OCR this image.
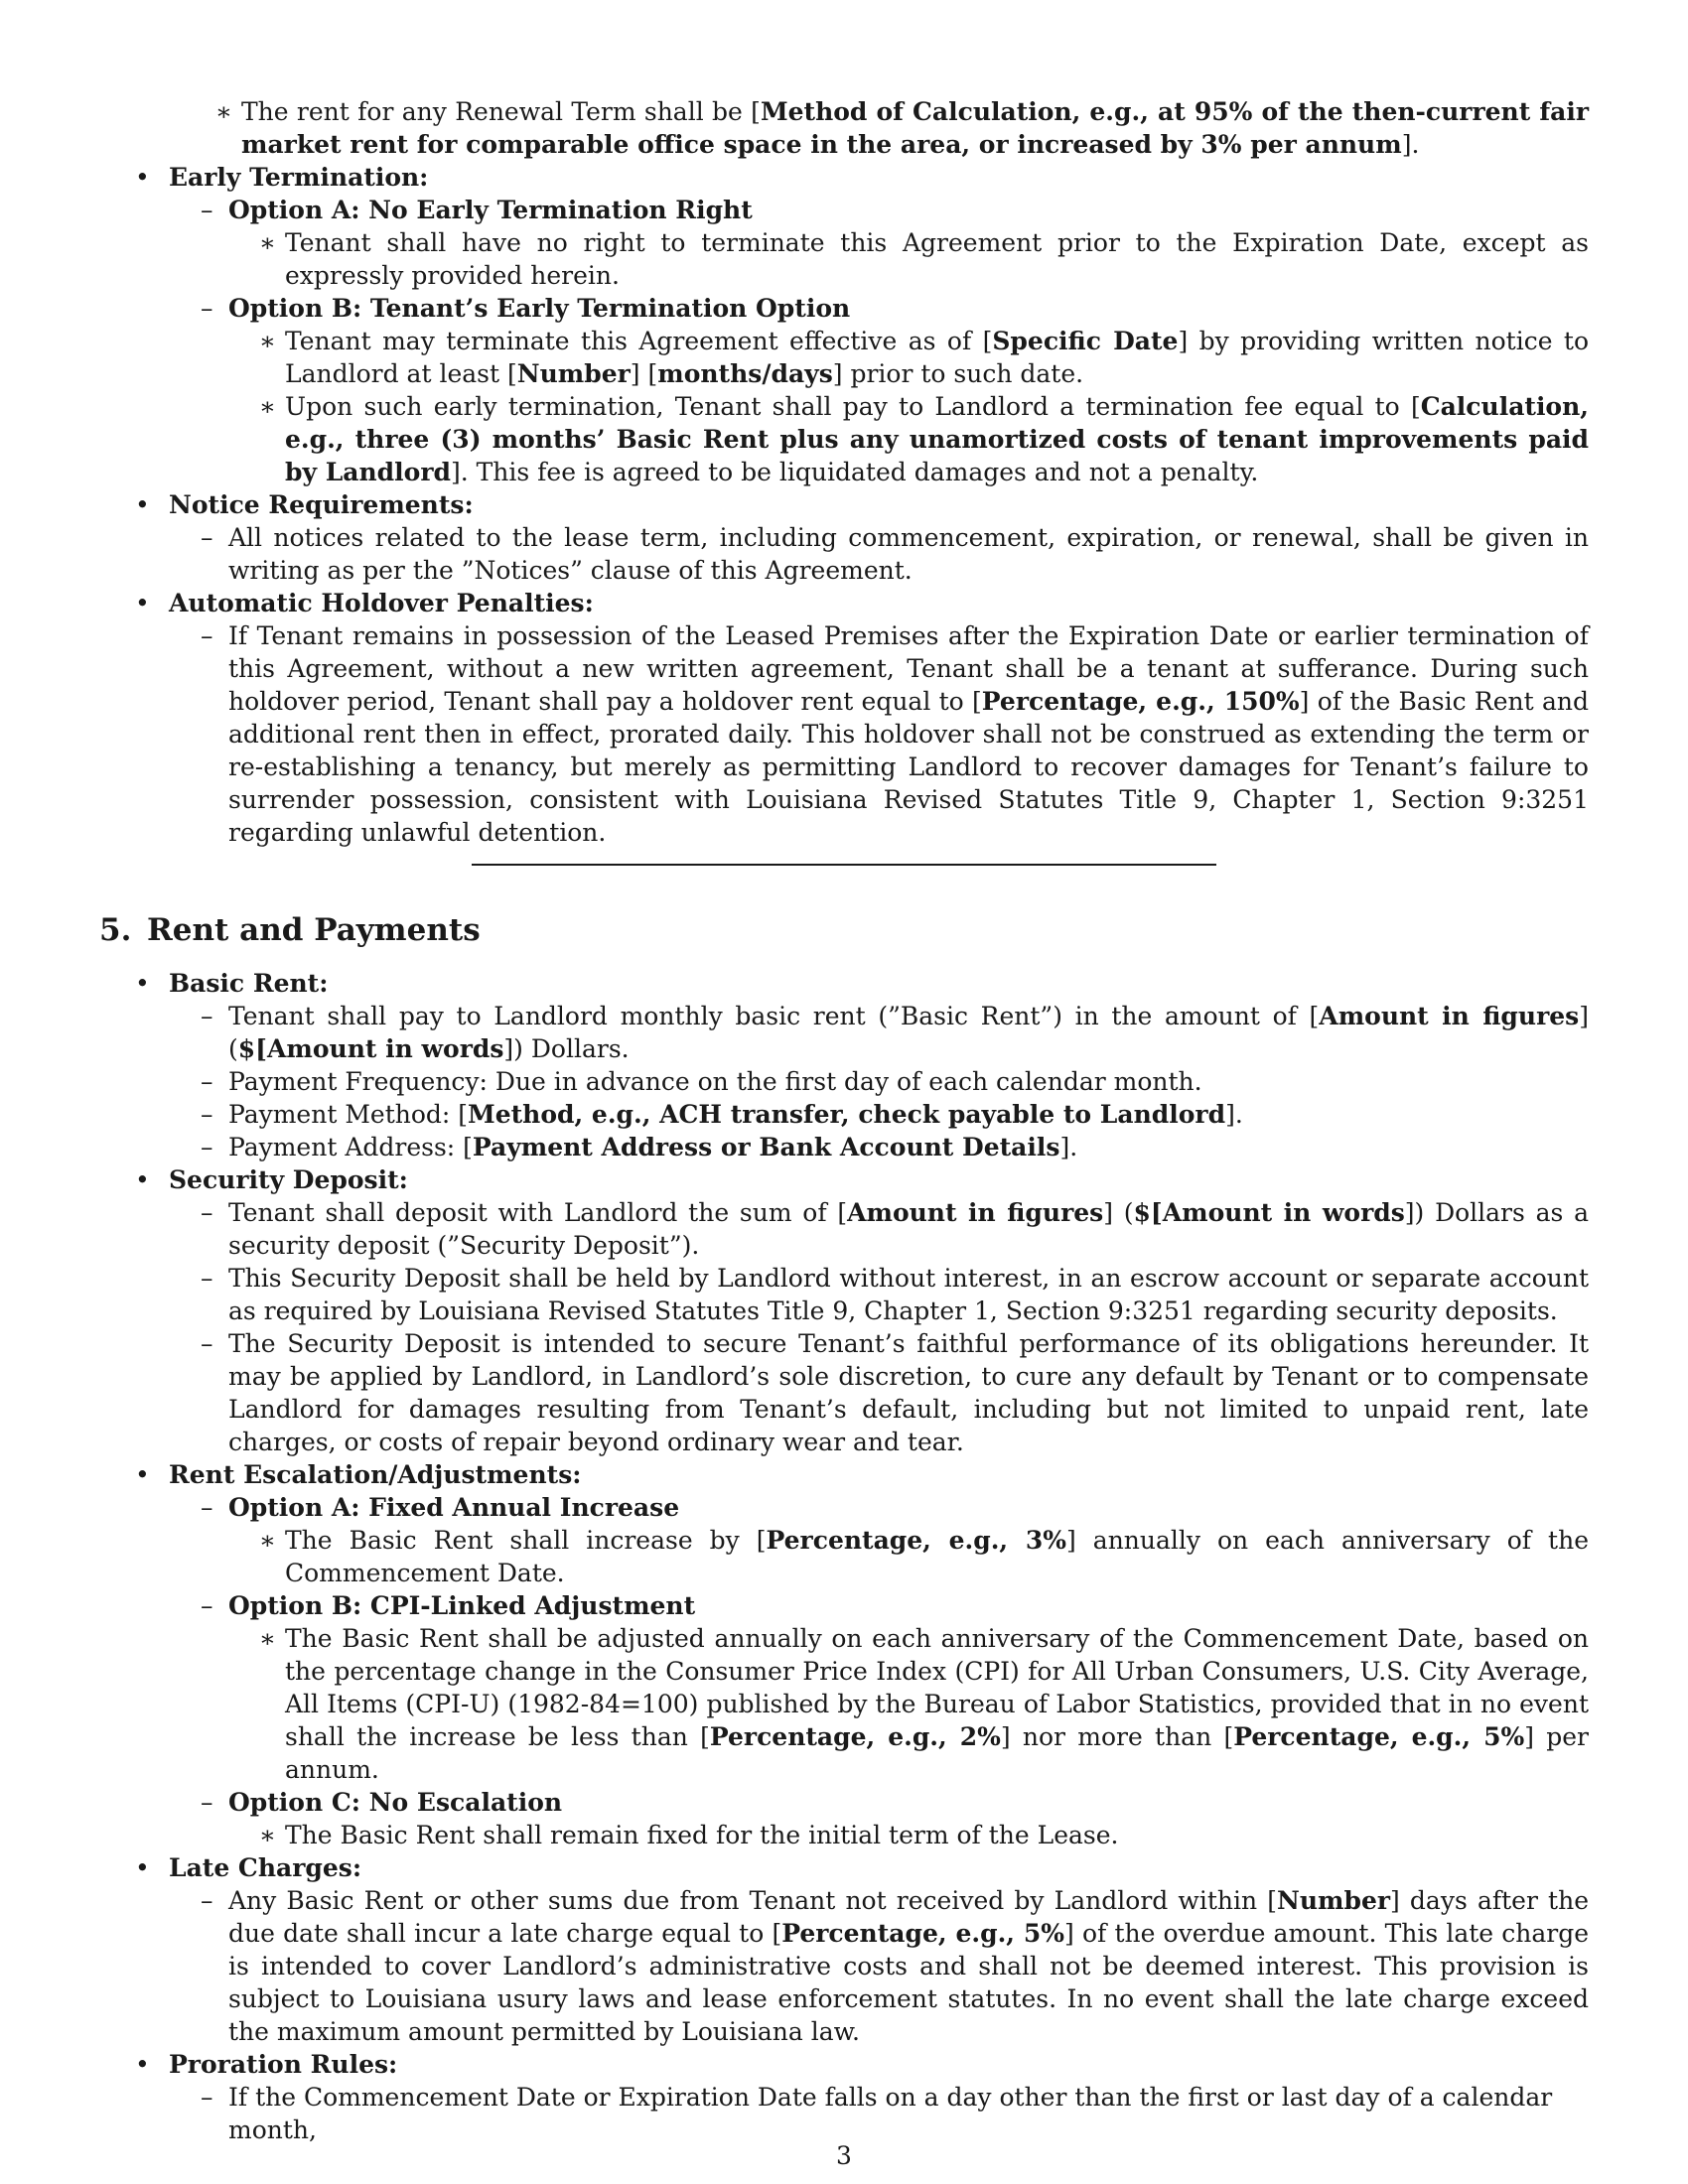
∗ The rent for any Renewal Term shall be [Method of Calculation, e.g., at 95% of the then-current fair market rent for comparable office space in the area, or increased by 3% per annum].
• Early Termination:
– Option A: No Early Termination Right
∗ Tenant shall have no right to terminate this Agreement prior to the Expiration Date, except as expressly provided herein.
– Option B: Tenant’s Early Termination Option
∗ Tenant may terminate this Agreement effective as of [Specific Date] by providing written notice to Landlord at least [Number] [months/days] prior to such date.
∗ Upon such early termination, Tenant shall pay to Landlord a termination fee equal to [Calculation, e.g., three (3) months’ Basic Rent plus any unamortized costs of tenant improvements paid by Landlord]. This fee is agreed to be liquidated damages and not a penalty.
• Notice Requirements:
– All notices related to the lease term, including commencement, expiration, or renewal, shall be given in writing as per the ”Notices” clause of this Agreement.
• Automatic Holdover Penalties:
– If Tenant remains in possession of the Leased Premises after the Expiration Date or earlier termination of this Agreement, without a new written agreement, Tenant shall be a tenant at sufferance. During such holdover period, Tenant shall pay a holdover rent equal to [Percentage, e.g., 150%] of the Basic Rent and additional rent then in effect, prorated daily. This holdover shall not be construed as extending the term or re-establishing a tenancy, but merely as permitting Landlord to recover damages for Tenant’s failure to surrender possession, consistent with Louisiana Revised Statutes Title 9, Chapter 1, Section 9:3251 regarding unlawful detention.
5. Rent and Payments
• Basic Rent:
– Tenant shall pay to Landlord monthly basic rent (”Basic Rent”) in the amount of [Amount in figures] ($[Amount in words]) Dollars.
– Payment Frequency: Due in advance on the first day of each calendar month.
– Payment Method: [Method, e.g., ACH transfer, check payable to Landlord].
– Payment Address: [Payment Address or Bank Account Details].
• Security Deposit:
– Tenant shall deposit with Landlord the sum of [Amount in figures] ($[Amount in words]) Dollars as a security deposit (”Security Deposit”).
– This Security Deposit shall be held by Landlord without interest, in an escrow account or separate account as required by Louisiana Revised Statutes Title 9, Chapter 1, Section 9:3251 regarding security deposits.
– The Security Deposit is intended to secure Tenant’s faithful performance of its obligations hereunder. It may be applied by Landlord, in Landlord’s sole discretion, to cure any default by Tenant or to compensate Landlord for damages resulting from Tenant’s default, including but not limited to unpaid rent, late charges, or costs of repair beyond ordinary wear and tear.
• Rent Escalation/Adjustments:
– Option A: Fixed Annual Increase
∗ The Basic Rent shall increase by [Percentage, e.g., 3%] annually on each anniversary of the Commencement Date.
– Option B: CPI-Linked Adjustment
∗ The Basic Rent shall be adjusted annually on each anniversary of the Commencement Date, based on the percentage change in the Consumer Price Index (CPI) for All Urban Consumers, U.S. City Average, All Items (CPI-U) (1982-84=100) published by the Bureau of Labor Statistics, provided that in no event shall the increase be less than [Percentage, e.g., 2%] nor more than [Percentage, e.g., 5%] per annum.
– Option C: No Escalation
∗ The Basic Rent shall remain fixed for the initial term of the Lease.
• Late Charges:
– Any Basic Rent or other sums due from Tenant not received by Landlord within [Number] days after the due date shall incur a late charge equal to [Percentage, e.g., 5%] of the overdue amount. This late charge is intended to cover Landlord’s administrative costs and shall not be deemed interest. This provision is subject to Louisiana usury laws and lease enforcement statutes. In no event shall the late charge exceed the maximum amount permitted by Louisiana law.
• Proration Rules:
– If the Commencement Date or Expiration Date falls on a day other than the first or last day of a calendar month,
3
